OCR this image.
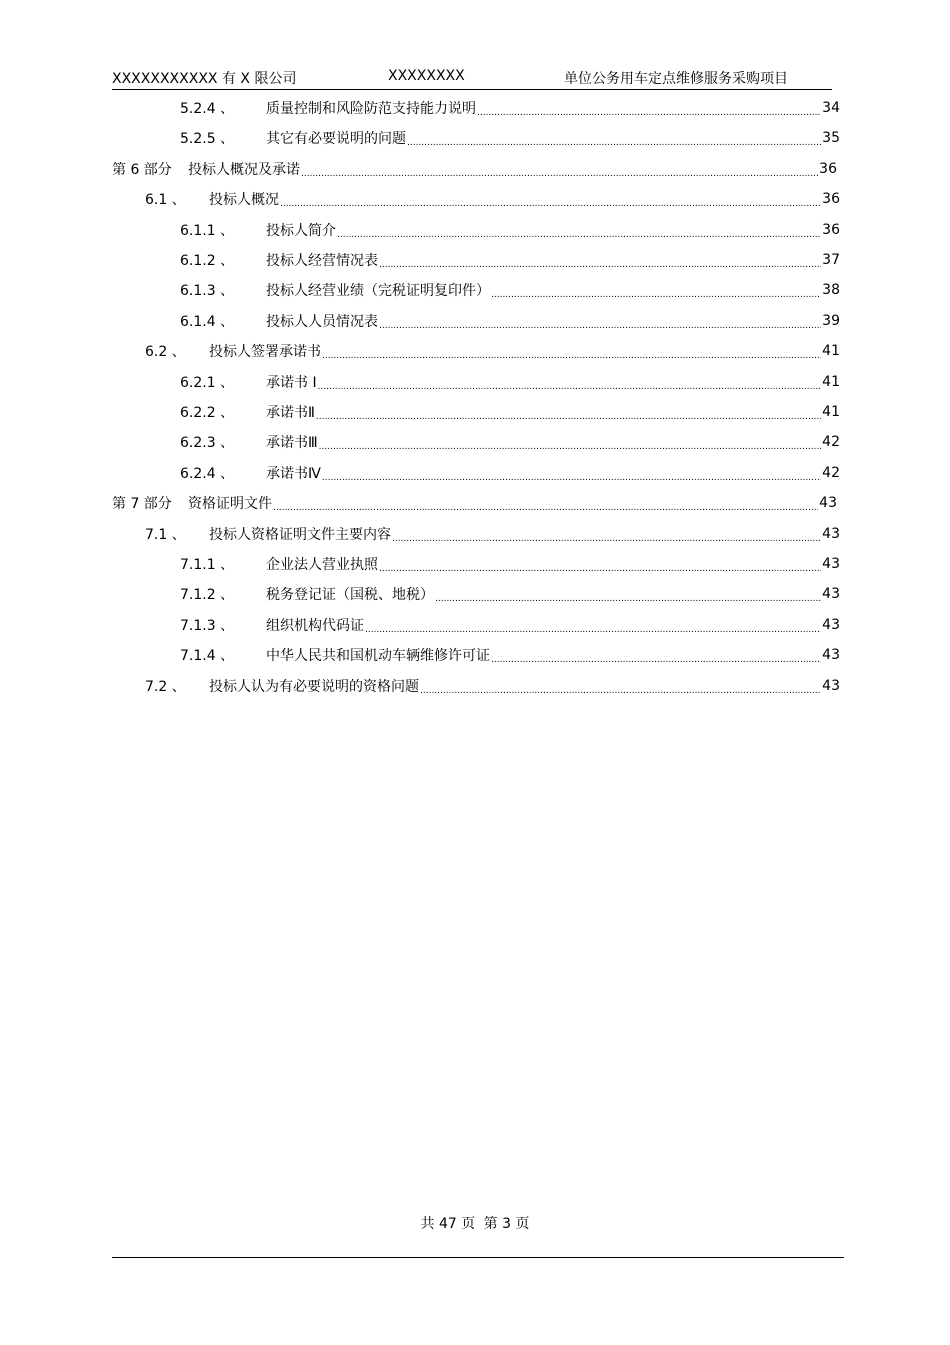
XXXXXXXXXXX 有 X 限公司	XXXXXXXX	单位公务用车定点维修服务采购项目
5.2.4 、	质量控制和风险防范支持能力说明 .....	34
5.2.5 、	其它有必要说明的问题 .....	35
第 6 部分	投标人概况及承诺 .....	36
6.1 、	投标人概况 .....	36
6.1.1 、	投标人简介 .....	36
6.1.2 、	投标人经营情况表 .....	37
6.1.3 、	投标人经营业绩（完税证明复印件） .....	38
6.1.4 、	投标人人员情况表 .....	39
6.2 、	投标人签署承诺书 .....	41
6.2.1 、	承诺书 Ⅰ .....	41
6.2.2 、	承诺书Ⅱ .....	41
6.2.3 、	承诺书Ⅲ .....	42
6.2.4 、	承诺书Ⅳ .....	42
第 7 部分	资格证明文件 .....	43
7.1 、	投标人资格证明文件主要内容 .....	43
7.1.1 、	企业法人营业执照 .....	43
7.1.2 、	税务登记证（国税、地税） .....	43
7.1.3 、	组织机构代码证 .....	43
7.1.4 、	中华人民共和国机动车辆维修许可证 .....	43
7.2 、	投标人认为有必要说明的资格问题 .....	43
共 47 页 第 3 页
